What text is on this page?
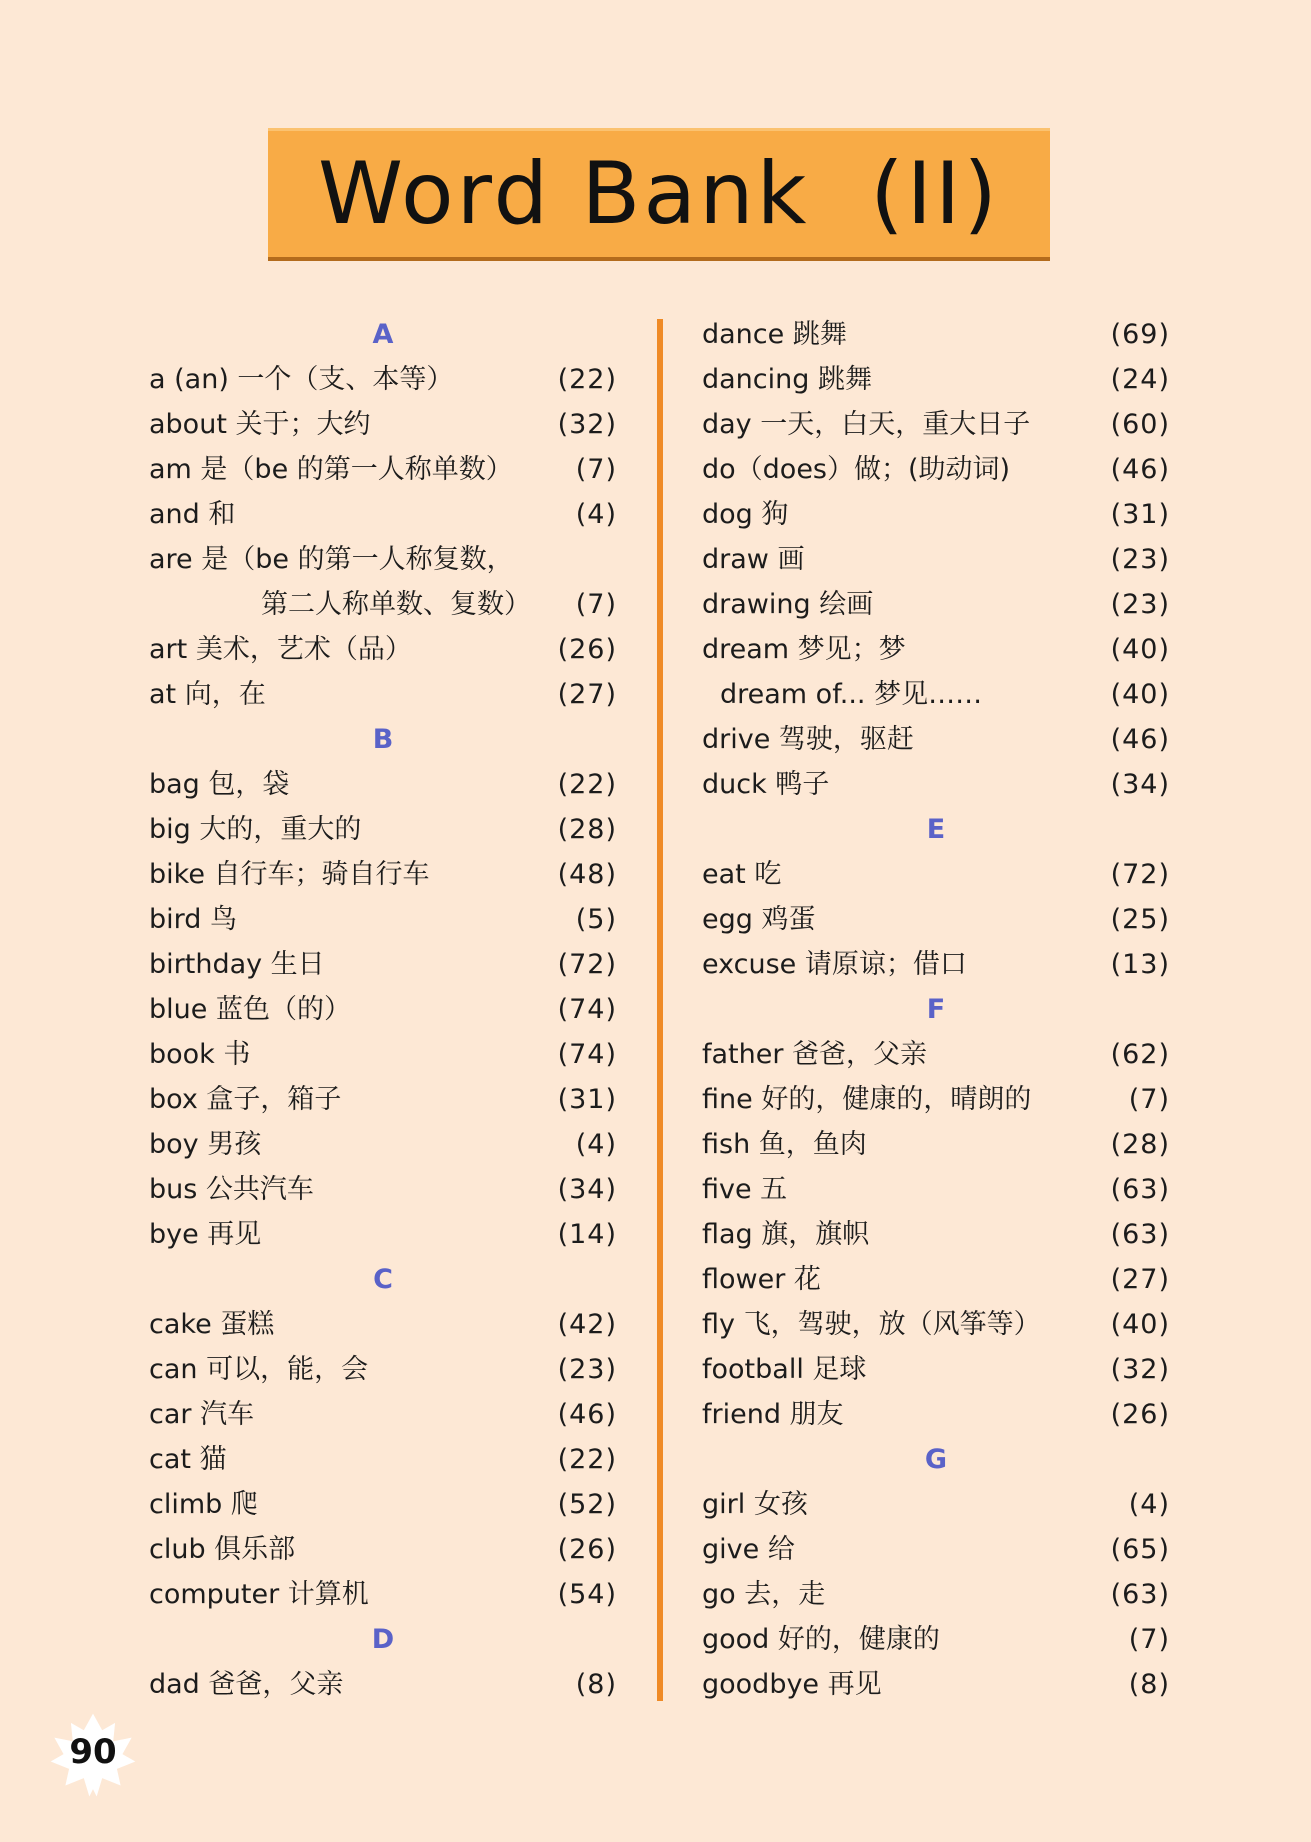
Word Bank  (II)
A
a (an) 一个（支、本等）	(22)
about 关于；大约	(32)
am 是（be 的第一人称单数） (7)
and 和	(4)
are 是（be 的第一人称复数，
第二人称单数、复数） (7)
art 美术，艺术（品）	(26)
at 向，在	(27)
B
bag 包，袋	(22)
big 大的，重大的	(28)
bike 自行车；骑自行车	(48)
bird 鸟	(5)
birthday 生日	(72)
blue 蓝色（的）	(74)
book 书	(74)
box 盒子，箱子	(31)
boy 男孩	(4)
bus 公共汽车	(34)
bye 再见	(14)
C
cake 蛋糕	(42)
can 可以，能，会	(23)
car 汽车	(46)
cat 猫	(22)
climb 爬	(52)
club 俱乐部	(26)
computer 计算机	(54)
D
dad 爸爸，父亲	(8)
dance 跳舞	(69)
dancing 跳舞	(24)
day 一天，白天，重大日子	(60)
do（does）做；(助动词)	(46)
dog 狗	(31)
draw 画	(23)
drawing 绘画	(23)
dream 梦见；梦	(40)
dream of... 梦见……	(40)
drive 驾驶，驱赶	(46)
duck 鸭子	(34)
E
eat 吃	(72)
egg 鸡蛋	(25)
excuse 请原谅；借口	(13)
F
father 爸爸，父亲	(62)
fine 好的，健康的，晴朗的	(7)
fish 鱼，鱼肉	(28)
five 五	(63)
flag 旗，旗帜	(63)
flower 花	(27)
fly 飞，驾驶，放（风筝等）	(40)
football 足球	(32)
friend 朋友	(26)
G
girl 女孩	(4)
give 给	(65)
go 去，走	(63)
good 好的，健康的	(7)
goodbye 再见	(8)
90
